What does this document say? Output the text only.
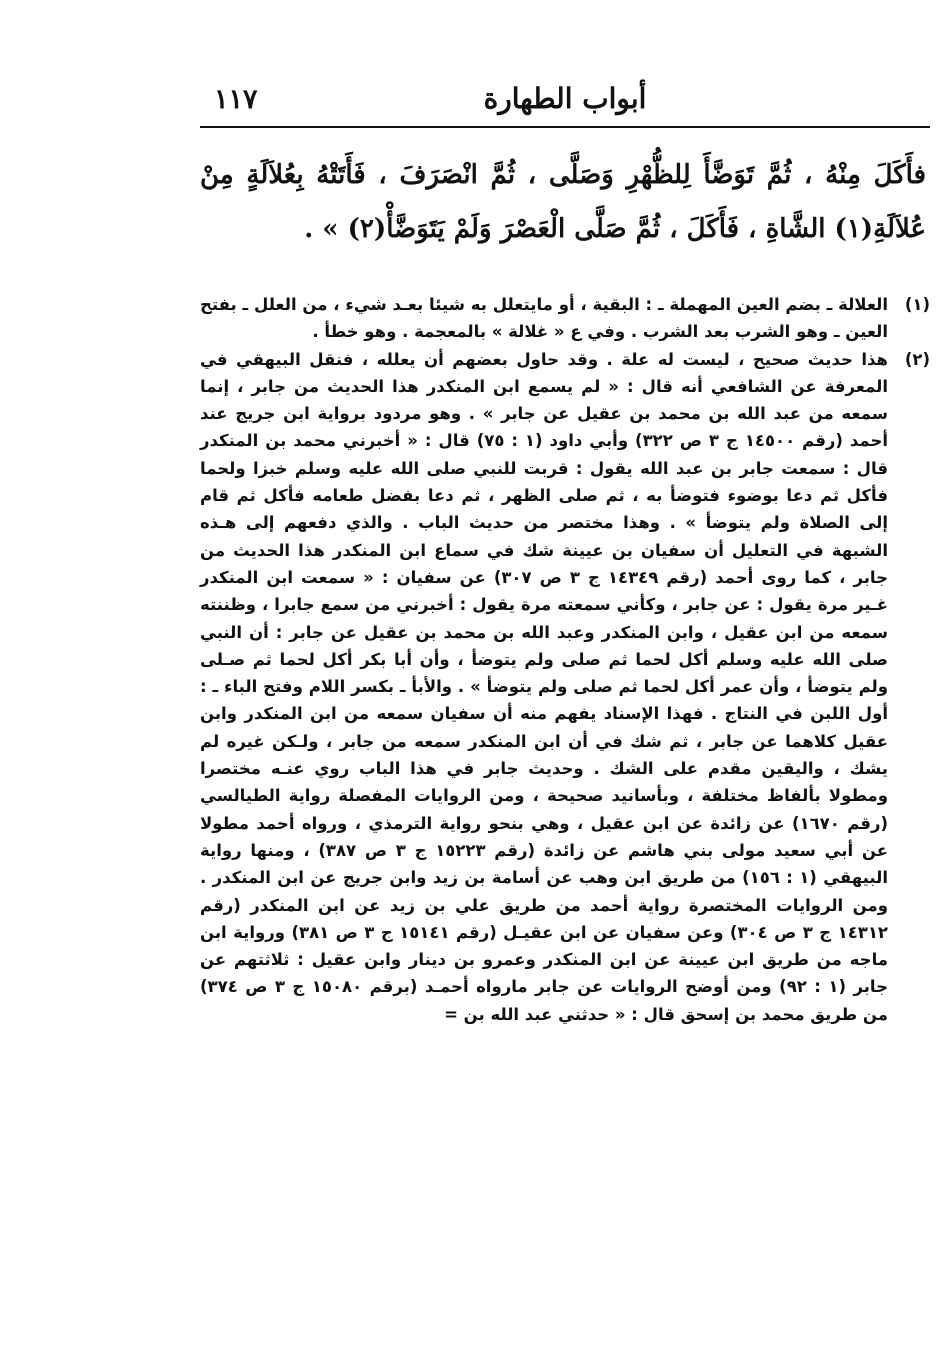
١١٧	أبواب الطهارة

فأَكَلَ مِنْهُ ، ثُمَّ تَوَضَّأَ لِلظُّهْرِ وَصَلَّى ، ثُمَّ انْصَرَفَ ، فَأَتَتْهُ بِعُلاَلَةٍ مِنْ عُلاَلَةِ(١) الشَّاةِ ، فَأَكَلَ ، ثُمَّ صَلَّى الْعَصْرَ وَلَمْ يَتَوَضَّأْ(٢) » .

(١)
العلالة ـ بضم العين المهملة ـ : البقية ، أو مايتعلل به شيئا بعـد شيء ، من العلل ـ بفتح العين ـ وهو الشرب بعد الشرب . وفي ع « غلالة » بالمعجمة . وهو خطأ .
(٢)
هذا حديث صحيح ، ليست له علة . وقد حاول بعضهم أن يعلله ، فنقل البيهقي في المعرفة عن الشافعي أنه قال : « لم يسمع ابن المنكدر هذا الحديث من جابر ، إنما سمعه من عبد الله بن محمد بن عقيل عن جابر » . وهو مردود برواية ابن جريج عند أحمد (رقم ١٤٥٠٠ ج ٣ ص ٣٢٢) وأبي داود (١ : ٧٥) قال : « أخبرني محمد بن المنكدر قال : سمعت جابر بن عبد الله يقول : قربت للنبي صلى الله عليه وسلم خبزا ولحما فأكل ثم دعا بوضوء فتوضأ به ، ثم صلى الظهر ، ثم دعا بفضل طعامه فأكل ثم قام إلى الصلاة ولم يتوضأ » . وهذا مختصر من حديث الباب . والذي دفعهم إلى هـذه الشبهة في التعليل أن سفيان بن عيينة شك في سماع ابن المنكدر هذا الحديث من جابر ، كما روى أحمد (رقم ١٤٣٤٩ ج ٣ ص ٣٠٧) عن سفيان : « سمعت ابن المنكدر غـير مرة يقول : عن جابر ، وكأني سمعته مرة يقول : أخبرني من سمع جابرا ، وظننته سمعه من ابن عقيل ، وابن المنكدر وعبد الله بن محمد بن عقيل عن جابر : أن النبي صلى الله عليه وسلم أكل لحما ثم صلى ولم يتوضأ ، وأن أبا بكر أكل لحما ثم صـلى ولم يتوضأ ، وأن عمر أكل لحما ثم صلى ولم يتوضأ » . والأبأ ـ بكسر اللام وفتح الباء ـ : أول اللبن في النتاج . فهذا الإسناد يفهم منه أن سفيان سمعه من ابن المنكدر وابن عقيل كلاهما عن جابر ، ثم شك في أن ابن المنكدر سمعه من جابر ، ولـكن غيره لم يشك ، واليقين مقدم على الشك . وحديث جابر في هذا الباب روي عنـه مختصرا ومطولا بألفاظ مختلفة ، وبأسانيد صحيحة ، ومن الروايات المفصلة رواية الطيالسي (رقم ١٦٧٠) عن زائدة عن ابن عقيل ، وهي بنحو رواية الترمذي ، ورواه أحمد مطولا عن أبي سعيد مولى بني هاشم عن زائدة (رقم ١٥٢٢٣ ج ٣ ص ٣٨٧) ، ومنها رواية البيهقي (١ : ١٥٦) من طريق ابن وهب عن أسامة بن زيد وابن جريج عن ابن المنكدر . ومن الروايات المختصرة رواية أحمد من طريق علي بن زيد عن ابن المنكدر (رقم ١٤٣١٢ ج ٣ ص ٣٠٤) وعن سفيان عن ابن عقيـل (رقم ١٥١٤١ ج ٣ ص ٣٨١) ورواية ابن ماجه من طريق ابن عيينة عن ابن المنكدر وعمرو بن دينار وابن عقيل : ثلاثتهم عن جابر (١ : ٩٢) ومن أوضح الروايات عن جابر مارواه أحمـد (برقم ١٥٠٨٠ ج ٣ ص ٣٧٤) من طريق محمد بن إسحق قال : « حدثني عبد الله بن =
